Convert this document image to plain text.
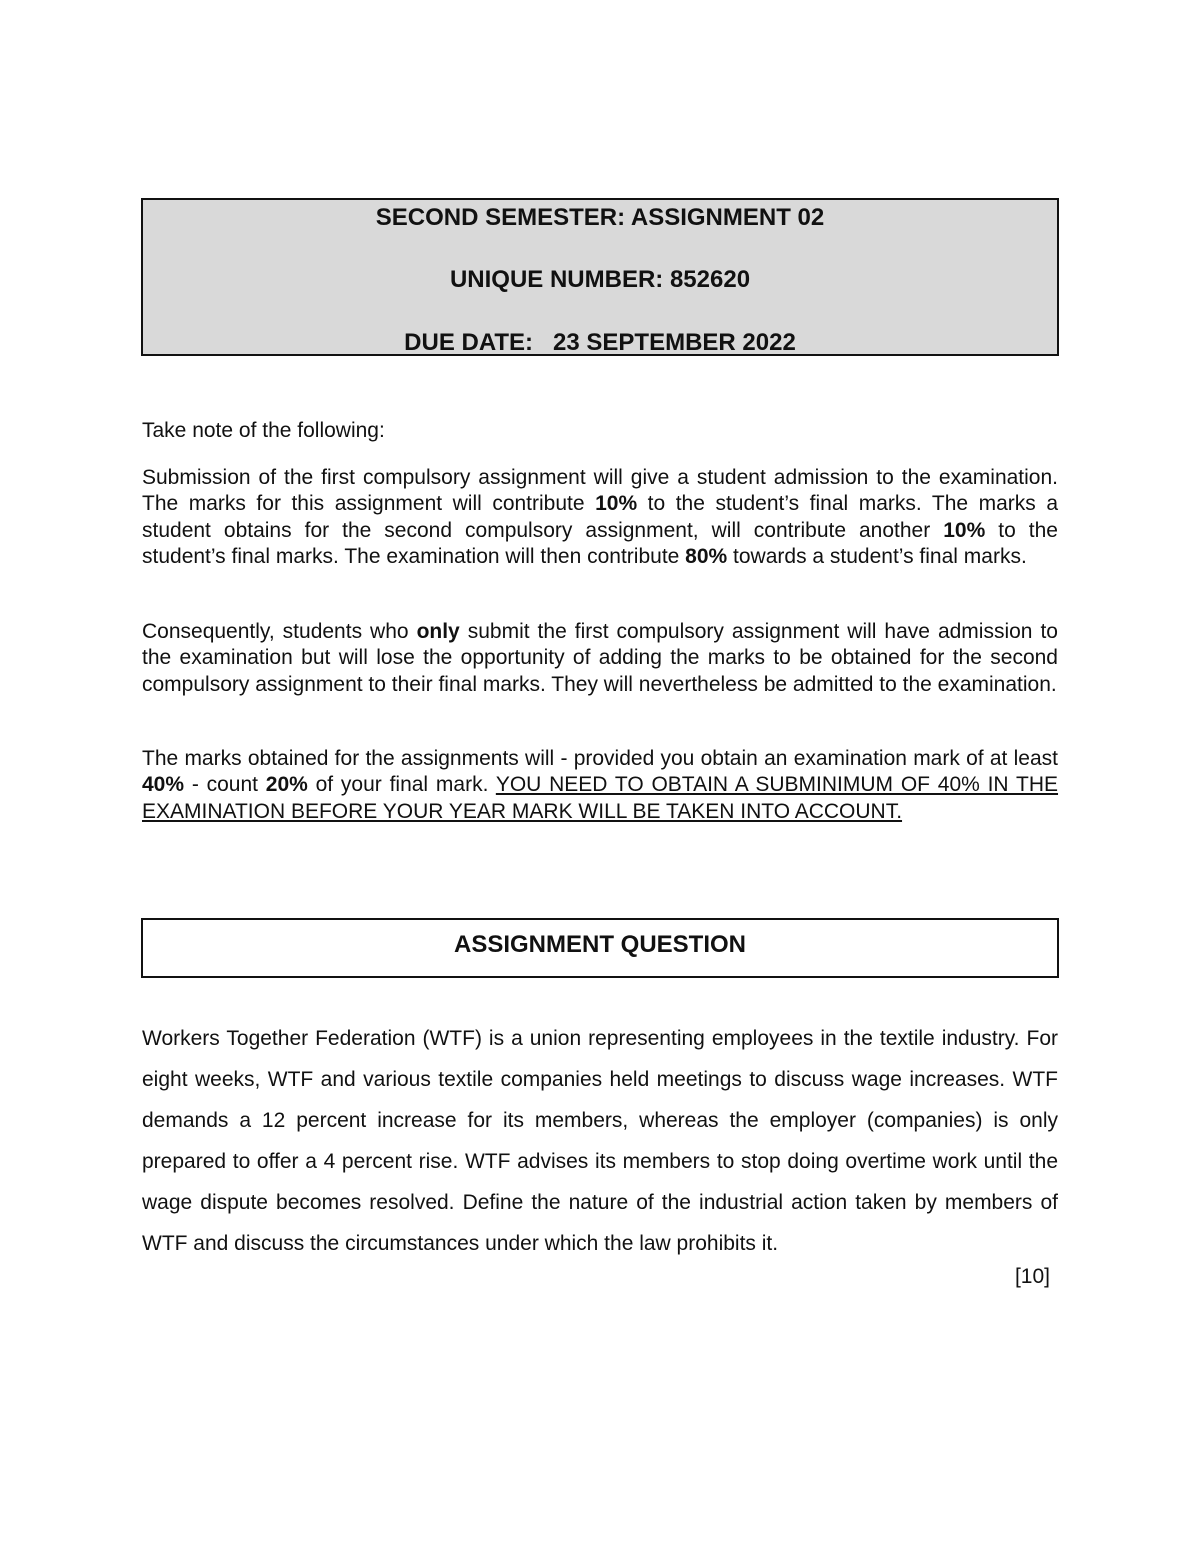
SECOND SEMESTER: ASSIGNMENT 02
UNIQUE NUMBER: 852620
DUE DATE:   23 SEPTEMBER 2022
Take note of the following:

Submission of the first compulsory assignment will give a student admission to the examination. The marks for this assignment will contribute 10% to the student’s final marks. The marks a student obtains for the second compulsory assignment, will contribute another 10% to the student’s final marks. The examination will then contribute 80% towards a student’s final marks.

Consequently, students who only submit the first compulsory assignment will have admission to the examination but will lose the opportunity of adding the marks to be obtained for the second compulsory assignment to their final marks. They will nevertheless be admitted to the examination.

The marks obtained for the assignments will - provided you obtain an examination mark of at least 40% - count 20% of your final mark. YOU NEED TO OBTAIN A SUBMINIMUM OF 40% IN THE EXAMINATION BEFORE YOUR YEAR MARK WILL BE TAKEN INTO ACCOUNT.

ASSIGNMENT QUESTION

Workers Together Federation (WTF) is a union representing employees in the textile industry. For eight weeks, WTF and various textile companies held meetings to discuss wage increases. WTF demands a 12 percent increase for its members, whereas the employer (companies) is only prepared to offer a 4 percent rise. WTF advises its members to stop doing overtime work until the wage dispute becomes resolved. Define the nature of the industrial action taken by members of WTF and discuss the circumstances under which the law prohibits it.

[10]
